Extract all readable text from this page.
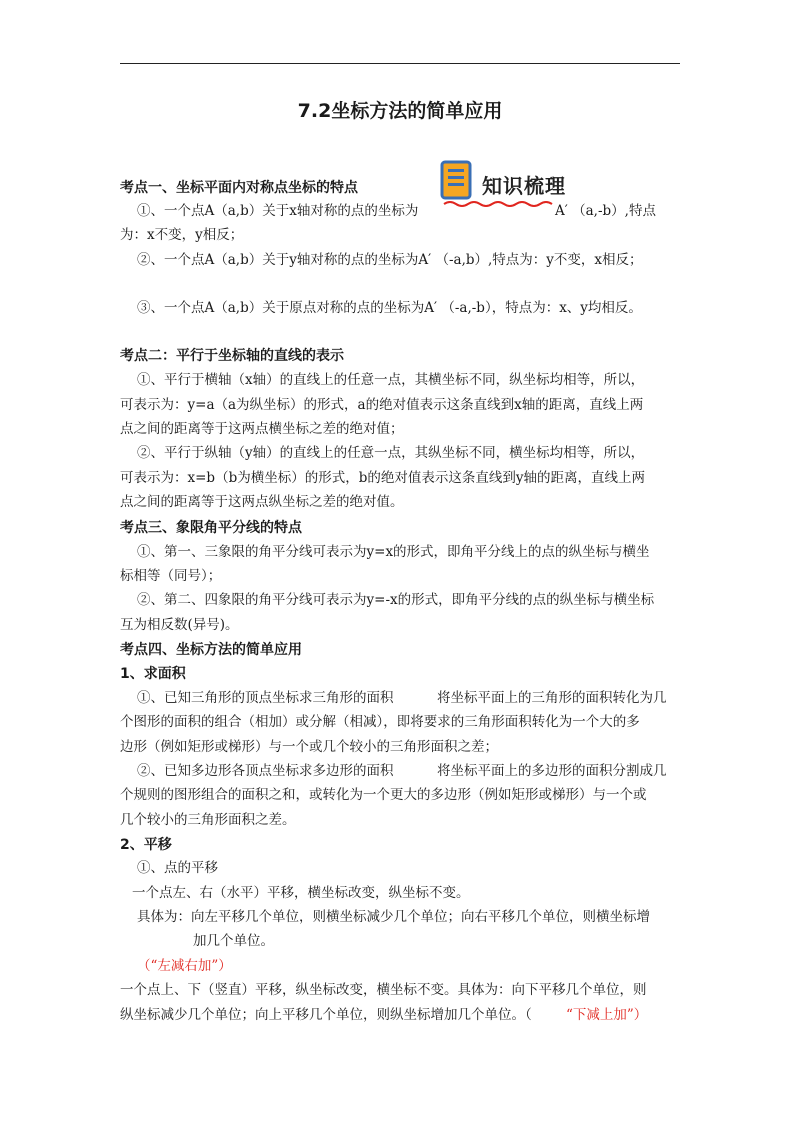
7.2坐标方法的简单应用
知识梳理
考点一、坐标平面内对称点坐标的特点
①、一个点A（a,b）关于x轴对称的点的坐标为	A′ （a,-b）,特点
为：x不变，y相反；
②、一个点A（a,b）关于y轴对称的点的坐标为A′ （-a,b）,特点为：y不变，x相反；
③、一个点A（a,b）关于原点对称的点的坐标为A′ （-a,-b），特点为：x、y均相反。
考点二：平行于坐标轴的直线的表示
①、平行于横轴（x轴）的直线上的任意一点，其横坐标不同，纵坐标均相等，所以，
可表示为：y=a（a为纵坐标）的形式，a的绝对值表示这条直线到x轴的距离，直线上两
点之间的距离等于这两点横坐标之差的绝对值；
②、平行于纵轴（y轴）的直线上的任意一点，其纵坐标不同，横坐标均相等，所以，
可表示为：x=b（b为横坐标）的形式，b的绝对值表示这条直线到y轴的距离，直线上两
点之间的距离等于这两点纵坐标之差的绝对值。
考点三、象限角平分线的特点
①、第一、三象限的角平分线可表示为y=x的形式，即角平分线上的点的纵坐标与横坐
标相等（同号）；
②、第二、四象限的角平分线可表示为y=-x的形式，即角平分线的点的纵坐标与横坐标
互为相反数(异号)。
考点四、坐标方法的简单应用
1、求面积
①、已知三角形的顶点坐标求三角形的面积	将坐标平面上的三角形的面积转化为几
个图形的面积的组合（相加）或分解（相减），即将要求的三角形面积转化为一个大的多
边形（例如矩形或梯形）与一个或几个较小的三角形面积之差；
②、已知多边形各顶点坐标求多边形的面积	将坐标平面上的多边形的面积分割成几
个规则的图形组合的面积之和，或转化为一个更大的多边形（例如矩形或梯形）与一个或
几个较小的三角形面积之差。
2、平移
①、点的平移
一个点左、右（水平）平移，横坐标改变，纵坐标不变。
具体为：向左平移几个单位，则横坐标减少几个单位；向右平移几个单位，则横坐标增
加几个单位。
（“左减右加”）
一个点上、下（竖直）平移，纵坐标改变，横坐标不变。具体为：向下平移几个单位，则
纵坐标减少几个单位；向上平移几个单位，则纵坐标增加几个单位。（	“下减上加”）
